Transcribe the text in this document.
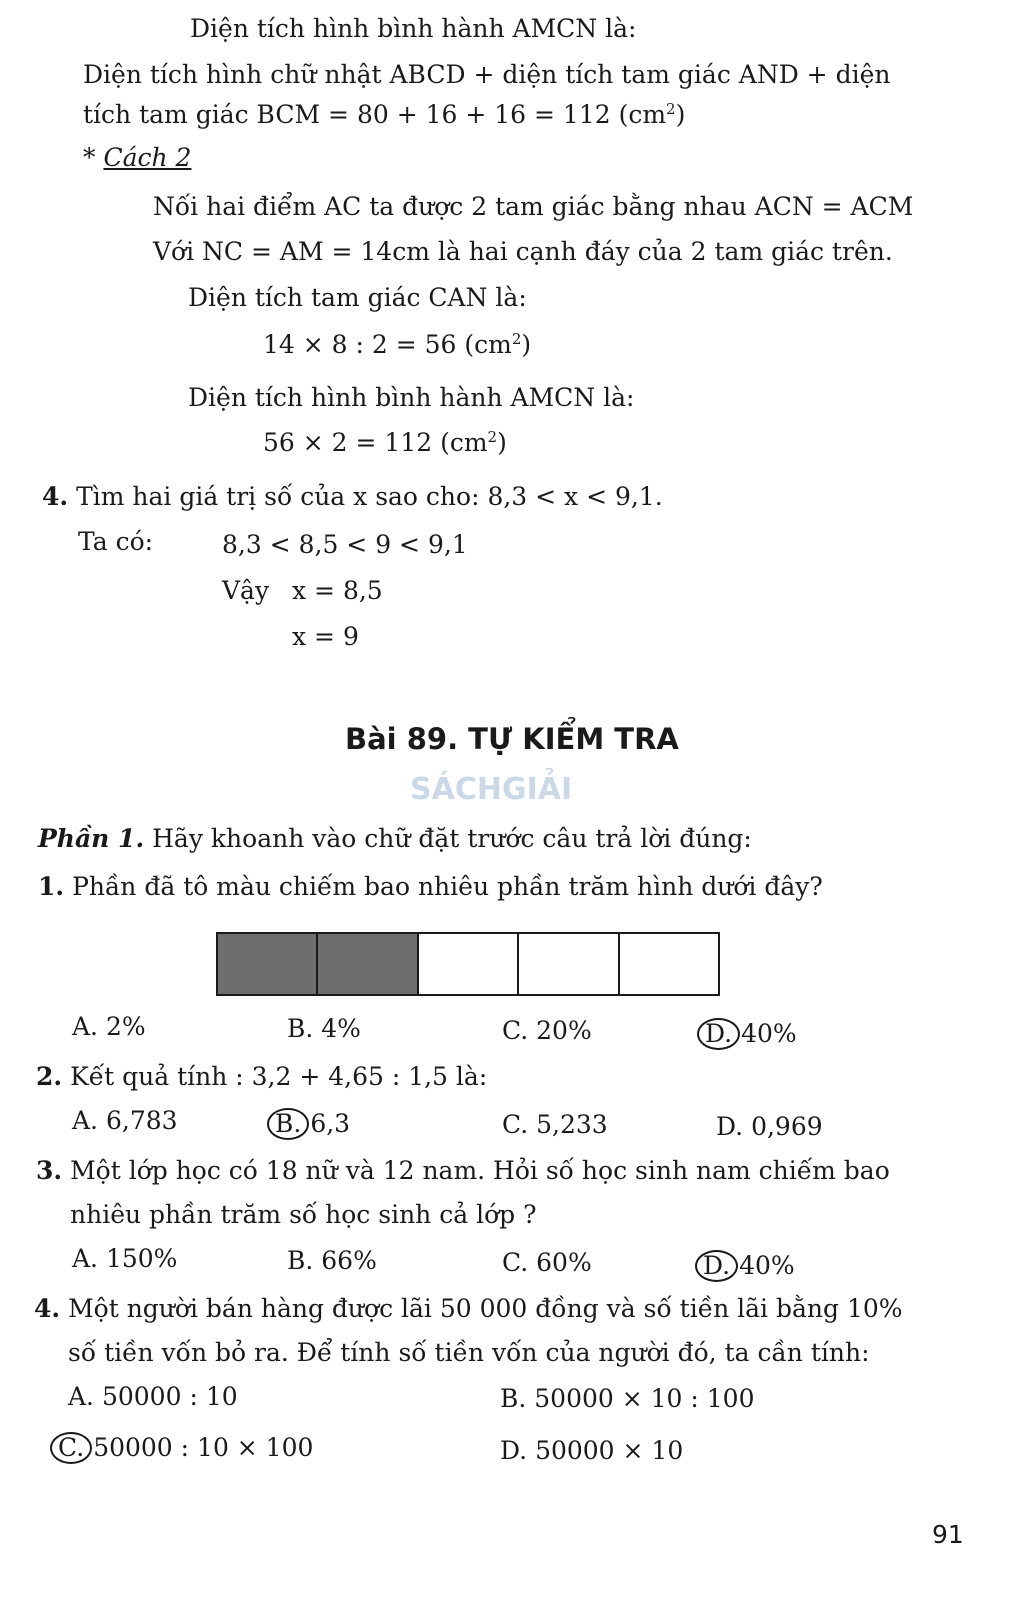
Diện tích hình bình hành AMCN là:
Diện tích hình chữ nhật ABCD + diện tích tam giác AND + diện
tích tam giác BCM = 80 + 16 + 16 = 112 $(cm^2)$
* Cách 2
Nối hai điểm AC ta được 2 tam giác bằng nhau ACN = ACM
Với NC = AM = 14cm là hai cạnh đáy của 2 tam giác trên.
Diện tích tam giác CAN là:
14 × 8 : 2 = 56 $(cm^2)$
Diện tích hình bình hành AMCN là:
56 × 2 = 112 $(cm^2)$
4. Tìm hai giá trị số của x sao cho: 8,3 < x < 9,1.
Ta có:	8,3 < 8,5 < 9 < 9,1
Vậy x = 8,5
x = 9
Bài 89. TỰ KIỂM TRA
SÁCHGIẢI
Phần 1. Hãy khoanh vào chữ đặt trước câu trả lời đúng:
1. Phần đã tô màu chiếm bao nhiêu phần trăm hình dưới đây?
A. 2%	B. 4%	C. 20%	D. 40%
2. Kết quả tính : 3,2 + 4,65 : 1,5 là:
A. 6,783	B. 6,3	C. 5,233	D. 0,969
3. Một lớp học có 18 nữ và 12 nam. Hỏi số học sinh nam chiếm bao
nhiêu phần trăm số học sinh cả lớp ?
A. 150%	B. 66%	C. 60%	D. 40%
4. Một người bán hàng được lãi 50 000 đồng và số tiền lãi bằng 10%
số tiền vốn bỏ ra. Để tính số tiền vốn của người đó, ta cần tính:
A. 50000 : 10	B. 50000 × 10 : 100
C. 50000 : 10 × 100	D. 50000 × 10
91
